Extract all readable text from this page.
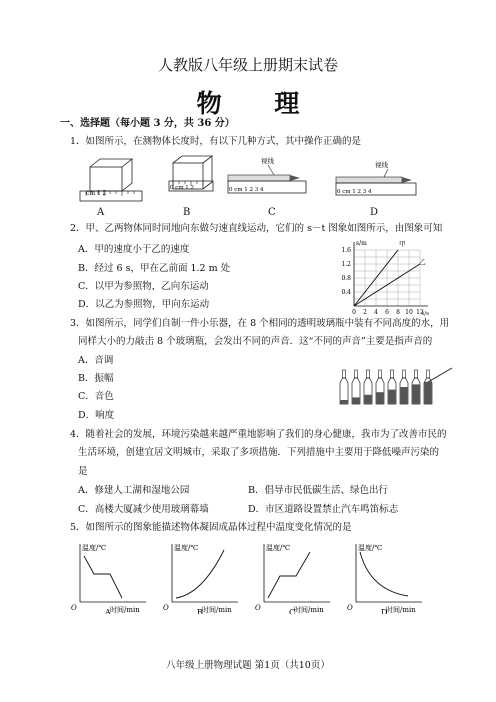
人教版八年级上册期末试卷
物 理
一、选择题（每小题 3 分，共 36 分）
1．如图所示，在测物体长度时，有以下几种方式，其中操作正确的是
cm 1 2
0 cm 1 2
视线
0 cm 1 2 3 4
视线
0 cm 1 2 3 4
A	B	C	D
2．甲、乙两物体同时同地向东做匀速直线运动，它们的 s－t 图象如图所示，由图象可知
A．甲的速度小于乙的速度
B．经过 6 s，甲在乙前面 1.2 m 处
C．以甲为参照物，乙向东运动
D．以乙为参照物，甲向东运动
s/m
t/s
0.4
0.8
1.2
1.6
0 2 4 6 8 10 12
甲
乙
3．如图所示，同学们自制一件小乐器，在 8 个相同的透明玻璃瓶中装有不同高度的水，用
同样大小的力敲击 8 个玻璃瓶，会发出不同的声音．这“不同的声音”主要是指声音的
A．音调
B．振幅
C．音色
D．响度
4．随着社会的发展，环境污染越来越严重地影响了我们的身心健康，我市为了改善市民的
生活环境，创建宜居文明城市，采取了多项措施．下列措施中主要用于降低噪声污染的
是
A．修建人工湖和湿地公园	B．倡导市民低碳生活、绿色出行
C．高楼大厦减少使用玻璃幕墙	D．市区道路设置禁止汽车鸣笛标志
5．如图所示的图象能描述物体凝固成晶体过程中温度变化情况的是
温度/℃
时间/min
O	A
温度/℃
时间/min
O	B
温度/℃
时间/min
O	C
温度/℃
时间/min
O	D
八年级上册物理试题 第1页（共10页）
